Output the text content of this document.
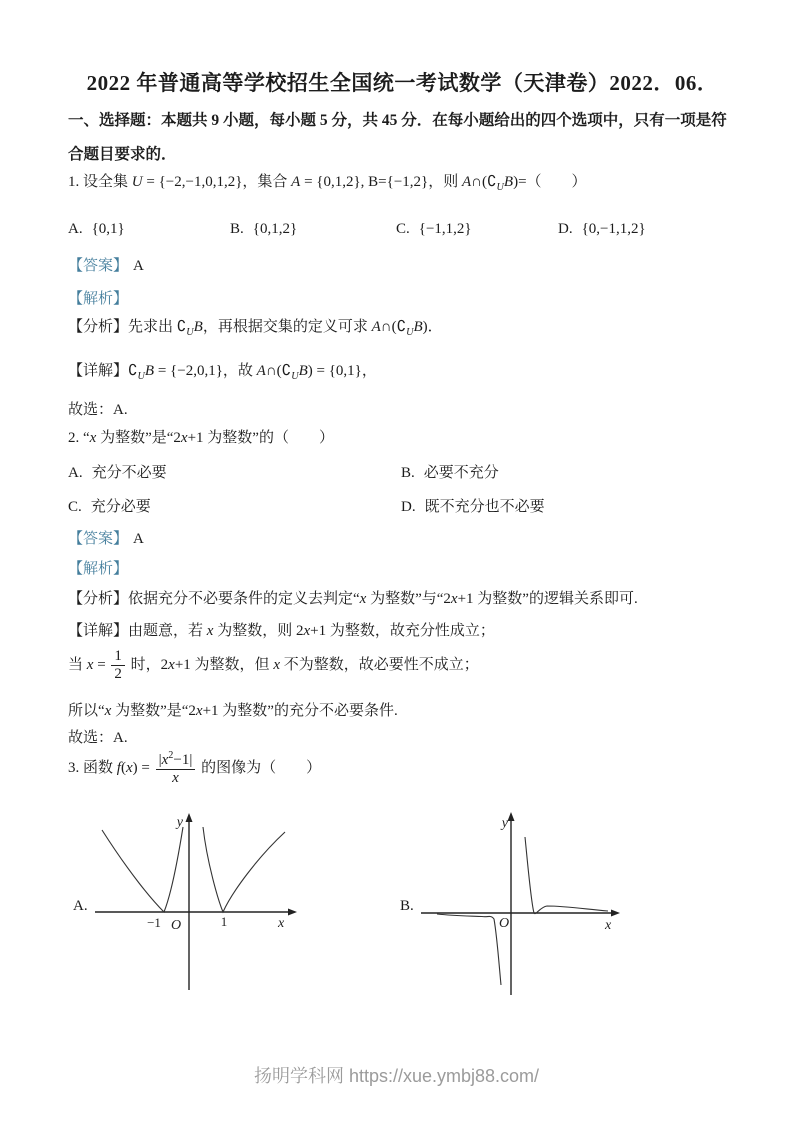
2022 年普通高等学校招生全国统一考试数学（天津卷）2022．06．
一、选择题：本题共 9 小题，每小题 5 分，共 45 分．在每小题给出的四个选项中，只有一项是符合题目要求的．
1. 设全集 U = {−2,−1,0,1,2}，集合 A = {0,1,2}, B={−1,2}，则 $A\cap(∁_UB)=$（　　）
A. {0,1}	B. {0,1,2}	C. {−1,1,2}	D. {0,−1,1,2}
【答案】 A
【解析】
【分析】先求出 $∁_UB$，再根据交集的定义可求 $A\cap(∁_UB)$．
【详解】$∁_UB = \{-2,0,1\}$，故 $A\cap(∁_UB) = \{0,1\}$，
故选：A.
2. “x 为整数”是“2x+1 为整数”的（　　）
A. 充分不必要	B. 必要不充分
C. 充分必要	D. 既不充分也不必要
【答案】 A
【解析】
【分析】依据充分不必要条件的定义去判定“x 为整数”与“2x+1 为整数”的逻辑关系即可.
【详解】由题意，若 x 为整数，则 2x+1 为整数，故充分性成立；
当 $x = \frac{1}{2}$ 时，2x+1 为整数，但 x 不为整数，故必要性不成立；
所以“x 为整数”是“2x+1 为整数”的充分不必要条件.
故选：A.
3. 函数 $f(x) = \frac{|x^2-1|}{x}$ 的图像为（　　）
A.
y
x
O
−1	1
B.
y
x
O
扬明学科网 https://xue.ymbj88.com/
